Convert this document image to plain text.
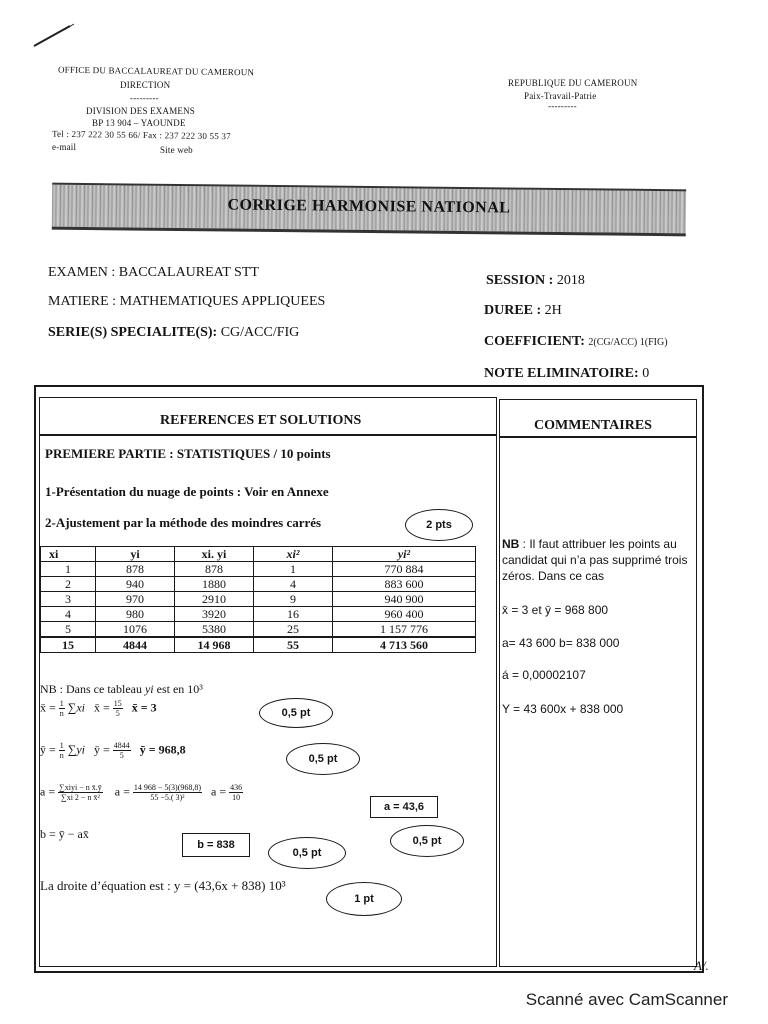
OFFICE DU BACCALAUREAT DU CAMEROUN
DIRECTION
---------
DIVISION DES EXAMENS
BP 13 904 – YAOUNDE
Tel : 237 222 30 55 66/ Fax : 237 222 30 55 37
e-mail	Site web
REPUBLIQUE DU CAMEROUN
Paix-Travail-Patrie
---------
CORRIGE HARMONISE NATIONAL
EXAMEN : BACCALAUREAT STT
MATIERE : MATHEMATIQUES APPLIQUEES
SERIE(S) SPECIALITE(S): CG/ACC/FIG
SESSION : 2018
DUREE : 2H
COEFFICIENT: 2(CG/ACC) 1(FIG)
NOTE ELIMINATOIRE: 0
REFERENCES ET SOLUTIONS	COMMENTAIRES
PREMIERE PARTIE : STATISTIQUES / 10 points
1-Présentation du nuage de points : Voir en Annexe
2-Ajustement par la méthode des moindres carrés	2 pts
xi	yi	xi. yi	xi²	yi²
1	878	878	1	770 884
2	940	1880	4	883 600
3	970	2910	9	940 900
4	980	3920	16	960 400
5	1076	5380	25	1 157 776
15	4844	14 968	55	4 713 560
NB : Dans ce tableau yi est en 10³
x̄ = $\frac{1}{n} \sum xi$ x̄ = $\frac{15}{5}$ x̄ = 3	0,5 pt
ȳ = $\frac{1}{n} \sum yi$ ȳ = $\frac{4844}{5}$ ȳ = 968,8
0,5 pt
$a = \frac{\text{∑xiyi − n x̄.ȳ}}{\text{∑xi 2 − n x̄²}}$ $a = \frac{14 968 - 5(3)(968,8)}{\text{55 −5.( 3)²}}$ $a = \frac{436}{10}$
a = 43,6
0,5 pt
b = ȳ − ax̄
b = 838
0,5 pt
La droite d’équation est : y = (43,6x + 838) 10³
1 pt
NB : Il faut attribuer les points au candidat qui n’a pas supprimé trois zéros. Dans ce cas
x̄ = 3 et ȳ = 968 800
a= 43 600 b= 838 000
á = 0,00002107
Y = 43 600x + 838 000
A/.
Scanné avec CamScanner
